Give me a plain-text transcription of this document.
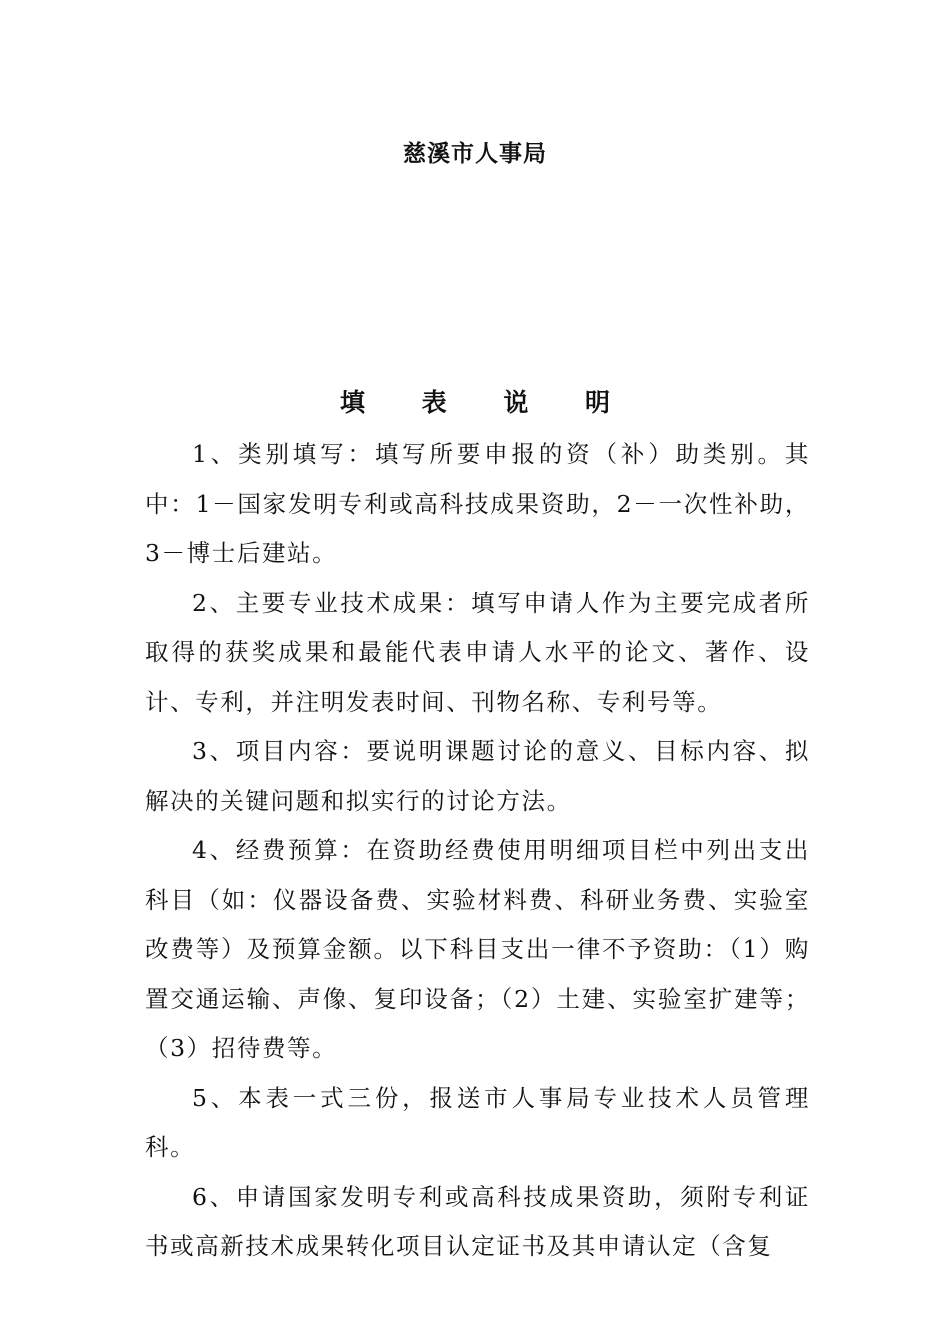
慈溪市人事局
填 表 说 明

1、类别填写：填写所要申报的资（补）助类别。其中：1－国家发明专利或高科技成果资助，2－一次性补助，3－博士后建站。

2、主要专业技术成果：填写申请人作为主要完成者所取得的获奖成果和最能代表申请人水平的论文、著作、设计、专利，并注明发表时间、刊物名称、专利号等。

3、项目内容：要说明课题讨论的意义、目标内容、拟解决的关键问题和拟实行的讨论方法。

4、经费预算：在资助经费使用明细项目栏中列出支出科目（如：仪器设备费、实验材料费、科研业务费、实验室改费等）及预算金额。以下科目支出一律不予资助：（1）购置交通运输、声像、复印设备；（2）土建、实验室扩建等；（3）招待费等。

5、本表一式三份，报送市人事局专业技术人员管理科。

6、申请国家发明专利或高科技成果资助，须附专利证书或高新技术成果转化项目认定证书及其申请认定（含复
